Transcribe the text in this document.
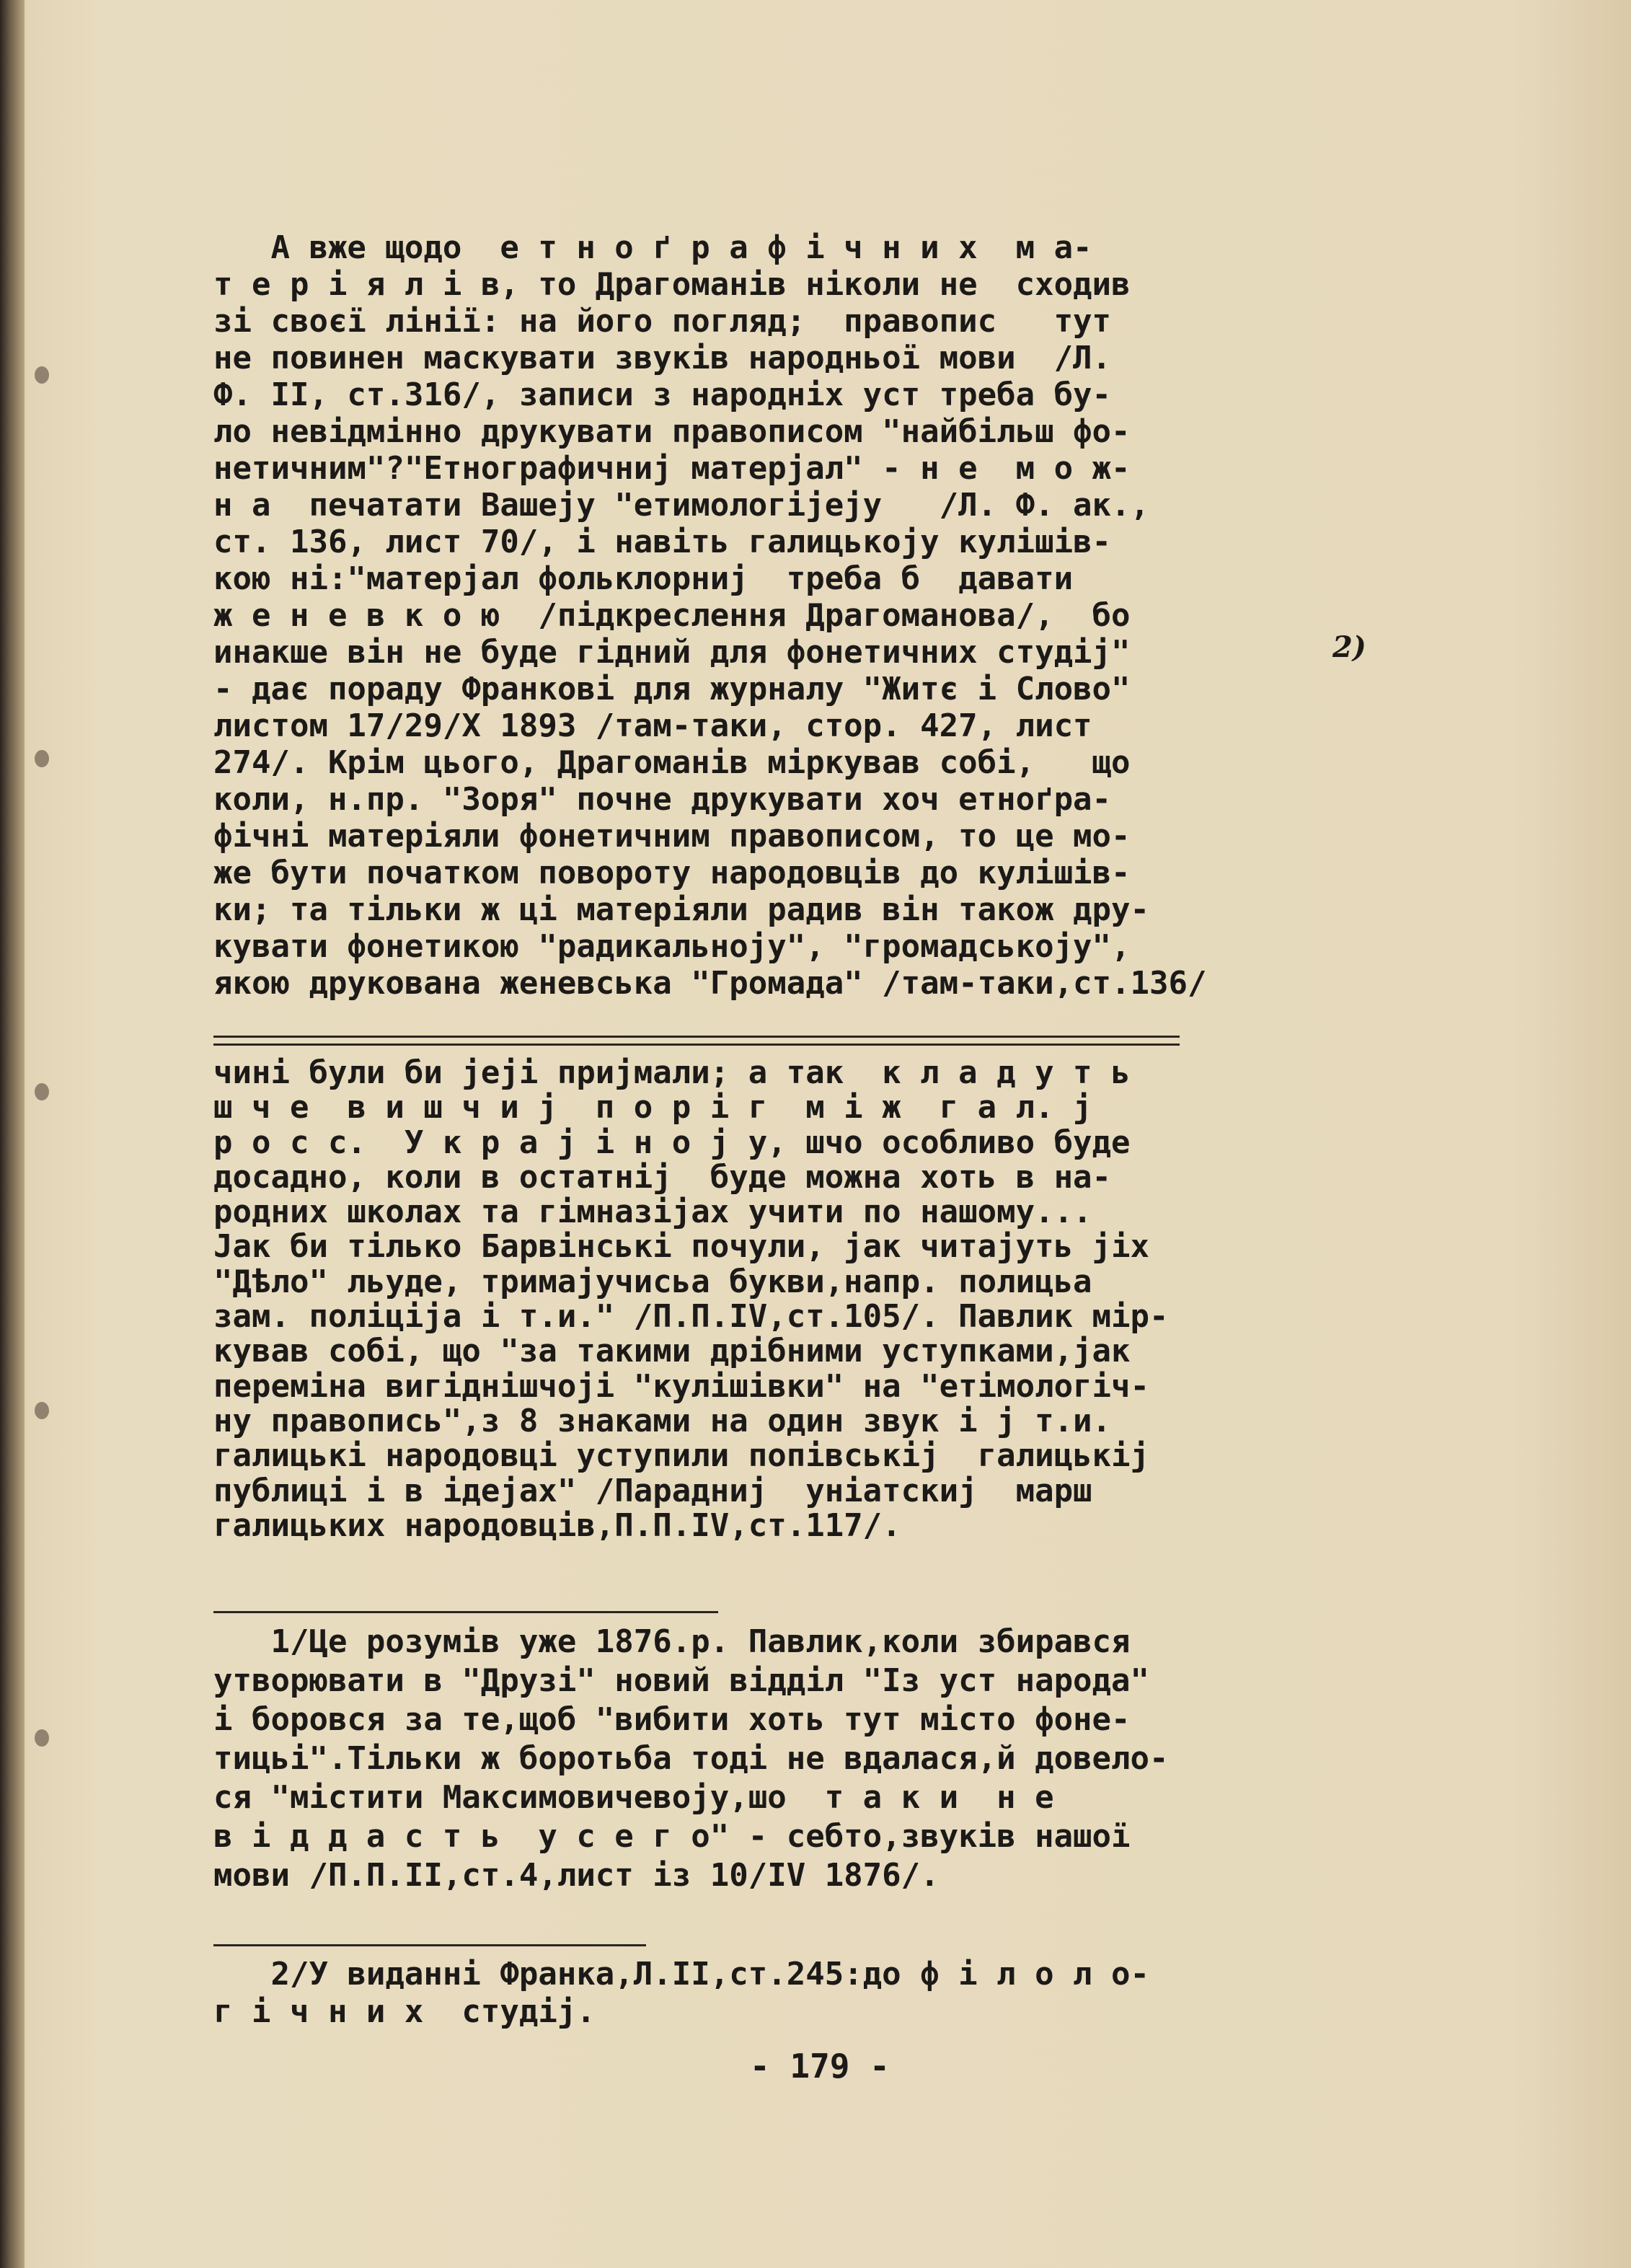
А вже щодо  е т н о ґ р а ф і ч н и х  м а-
т е р і я л і в, то Драгоманів ніколи не  сходив
зі своєї лінії: на його погляд;  правопис   тут
не повинен маскувати звуків народньої мови  /Л.
Ф. II, ст.316/, записи з народніх уст треба бу-
ло невідмінно друкувати правописом "найбільш фо-
нетичним"?"Етнографичниј матерјал" - н е  м о ж-
н а  печатати Вашеју "етимологіјеју   /Л. Ф. ак.,
ст. 136, лист 70/, і навіть галицькоју кулішів-
кою ні:"матерјал фольклорниј  треба б  давати
ж е н е в к о ю  /підкреслення Драгоманова/,  бо
инакше він не буде гідний для фонетичних студіј"
- дає пораду Франкові для журналу "Житє і Слово"
листом 17/29/Х 1893 /там-таки, стор. 427, лист
274/. Крім цього, Драгоманів міркував собі,   що
коли, н.пр. "Зоря" почне друкувати хоч етноґра-
фічні матеріяли фонетичним правописом, то це мо-
же бути початком повороту народовців до кулішів-
ки; та тільки ж ці матеріяли радив він також дру-
кувати фонетикою "радикальноју", "громадськоју",
якою друкована женевська "Громада" /там-таки,ст.136/
2)
чині були би јеjі приjмали; а так  к л а д у т ь
ш ч е  в и ш ч и ј  п о р і г  м і ж  г а л. ј
р о с с.  У к р а ј і н о ј у, шчо особливо буде
досадно, коли в остатніј  буде можна хоть в на-
родних школах та гімназіјах учити по нашому...
Јак би тілько Барвінські почули, јак читајуть јіх
"Дѣло" льуде, тримајучисьа букви,напр. полицьа
зам. поліціја і т.и." /П.П.IV,ст.105/. Павлик мір-
кував собі, що "за такими дрібними уступками,јак
переміна вигіднішчојі "кулішівки" на "етімологіч-
ну правопись",з 8 знаками на один звук і ј т.и.
галицькі народовці уступили попівськіј  галицькіј
публиці і в ідејах" /Парадниј  уніатскиј  марш
галицьких народовців,П.П.IV,ст.117/.
1/Це розумів уже 1876.р. Павлик,коли збирався
утворювати в "Друзі" новий відділ "Із уст народа"
і боровся за те,щоб "вибити хоть тут місто фоне-
тицьі".Тільки ж боротьба тоді не вдалася,й довело-
ся "містити Максимовичевоју,шо  т а к и  н е
в і д д а с т ь  у с е г о" - себто,звуків нашої
мови /П.П.II,ст.4,лист із 10/IV 1876/.
2/У виданні Франка,Л.II,ст.245:до ф і л о л о-
г і ч н и х  студіј.
- 179 -
